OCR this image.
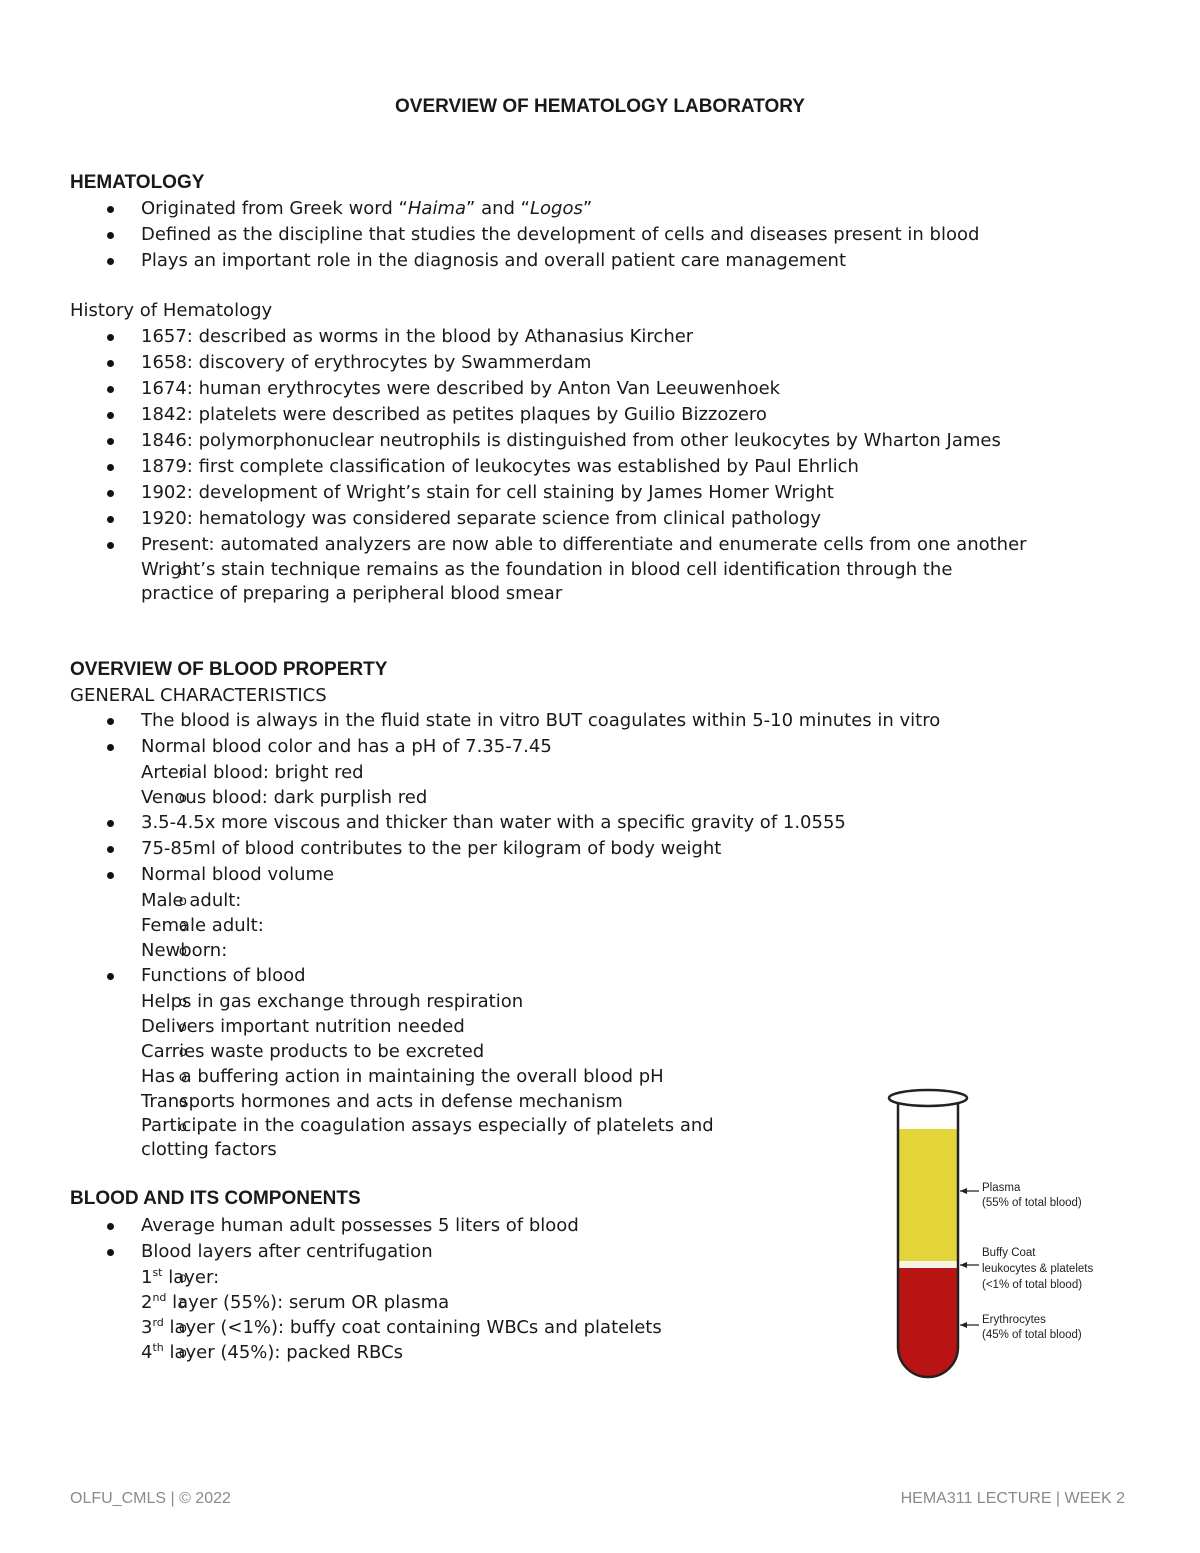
OVERVIEW OF HEMATOLOGY LABORATORY
HEMATOLOGY
Originated from Greek word “Haima” and “Logos”
Defined as the discipline that studies the development of cells and diseases present in blood
Plays an important role in the diagnosis and overall patient care management

History of Hematology

1657: described as worms in the blood by Athanasius Kircher
1658: discovery of erythrocytes by Swammerdam
1674: human erythrocytes were described by Anton Van Leeuwenhoek
1842: platelets were described as petites plaques by Guilio Bizzozero
1846: polymorphonuclear neutrophils is distinguished from other leukocytes by Wharton James
1879: first complete classification of leukocytes was established by Paul Ehrlich
1902: development of Wright’s stain for cell staining by James Homer Wright
1920: hematology was considered separate science from clinical pathology
Present: automated analyzers are now able to differentiate and enumerate cells from one another
o Wright’s stain technique remains as the foundation in blood cell identification through the practice of preparing a peripheral blood smear
OVERVIEW OF BLOOD PROPERTY

GENERAL CHARACTERISTICS

The blood is always in the fluid state in vitro BUT coagulates within 5-10 minutes in vitro
Normal blood color and has a pH of 7.35-7.45
o Arterial blood: bright red
o Venous blood: dark purplish red
3.5-4.5x more viscous and thicker than water with a specific gravity of 1.0555
75-85ml of blood contributes to the per kilogram of body weight
Normal blood volume
o Male adult:
o Female adult:
o Newborn:
Functions of blood
o Helps in gas exchange through respiration
o Delivers important nutrition needed
o Carries waste products to be excreted
o Has a buffering action in maintaining the overall blood pH
o Transports hormones and acts in defense mechanism
o Participate in the coagulation assays especially of platelets and clotting factors
BLOOD AND ITS COMPONENTS
Average human adult possesses 5 liters of blood
Blood layers after centrifugation
o 1st layer:
o 2nd layer (55%): serum OR plasma
o 3rd layer (<1%): buffy coat containing WBCs and platelets
o 4th layer (45%): packed RBCs
Plasma
(55% of total blood)
Buffy Coat
leukocytes & platelets
(<1% of total blood)
Erythrocytes
(45% of total blood)

OLFU_CMLS | © 2022	HEMA311 LECTURE | WEEK 2
